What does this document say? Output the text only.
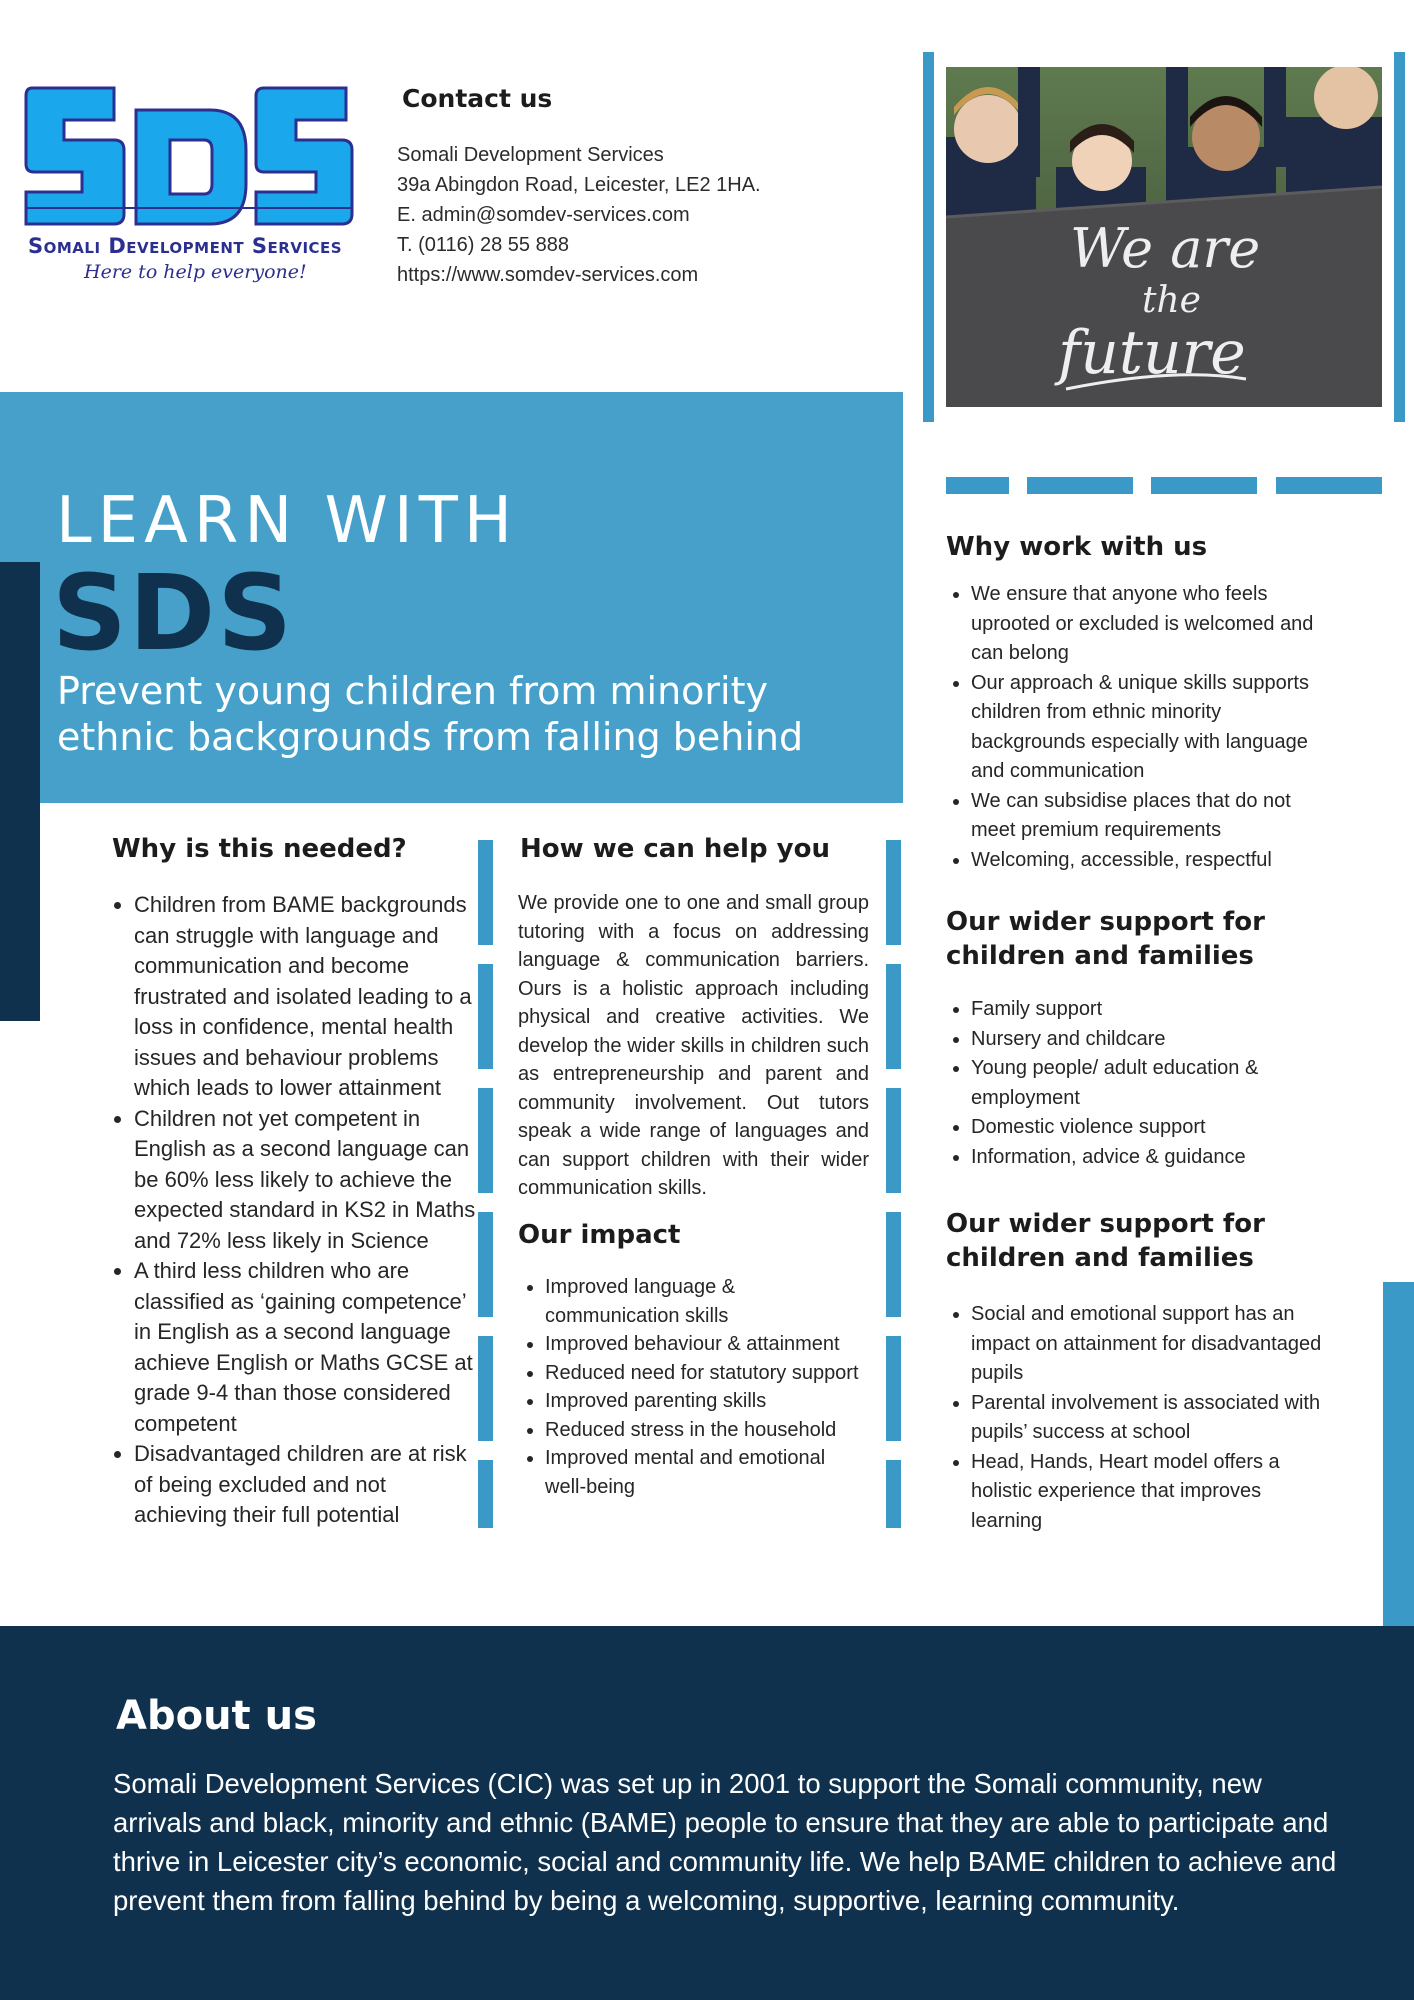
Somali Development Services
Here to help everyone!
Contact us
Somali Development Services
39a Abingdon Road, Leicester, LE2 1HA.
E. admin@somdev-services.com
T. (0116) 28 55 888
https://www.somdev-services.com	We are
the
future
LEARN WITH
SDS
Prevent young children from minority ethnic backgrounds from falling behind
Why is this needed?
• Children from BAME backgrounds can struggle with language and communication and become frustrated and isolated leading to a loss in confidence, mental health issues and behaviour problems which leads to lower attainment
• Children not yet competent in English as a second language can be 60% less likely to achieve the expected standard in KS2 in Maths and 72% less likely in Science
• A third less children who are classified as ‘gaining competence’ in English as a second language achieve English or Maths GCSE at grade 9-4 than those considered competent
• Disadvantaged children are at risk of being excluded and not achieving their full potential
How we can help you
We provide one to one and small group tutoring with a focus on addressing language & communication barriers. Ours is a holistic approach including physical and creative activities. We develop the wider skills in children such as entrepreneurship and parent and community involvement. Out tutors speak a wide range of languages and can support children with their wider communication skills.
Our impact
• Improved language & communication skills
• Improved behaviour & attainment
• Reduced need for statutory support
• Improved parenting skills
• Reduced stress in the household
• Improved mental and emotional well-being
Why work with us
• We ensure that anyone who feels uprooted or excluded is welcomed and can belong
• Our approach & unique skills supports children from ethnic minority backgrounds especially with language and communication
• We can subsidise places that do not meet premium requirements
• Welcoming, accessible, respectful
Our wider support for children and families
• Family support
• Nursery and childcare
• Young people/ adult education & employment
• Domestic violence support
• Information, advice & guidance
Our wider support for children and families
• Social and emotional support has an impact on attainment for disadvantaged pupils
• Parental involvement is associated with pupils’ success at school
• Head, Hands, Heart model offers a holistic experience that improves learning
About us
Somali Development Services (CIC) was set up in 2001 to support the Somali community, new arrivals and black, minority and ethnic (BAME) people to ensure that they are able to participate and thrive in Leicester city’s economic, social and community life. We help BAME children to achieve and prevent them from falling behind by being a welcoming, supportive, learning community.
